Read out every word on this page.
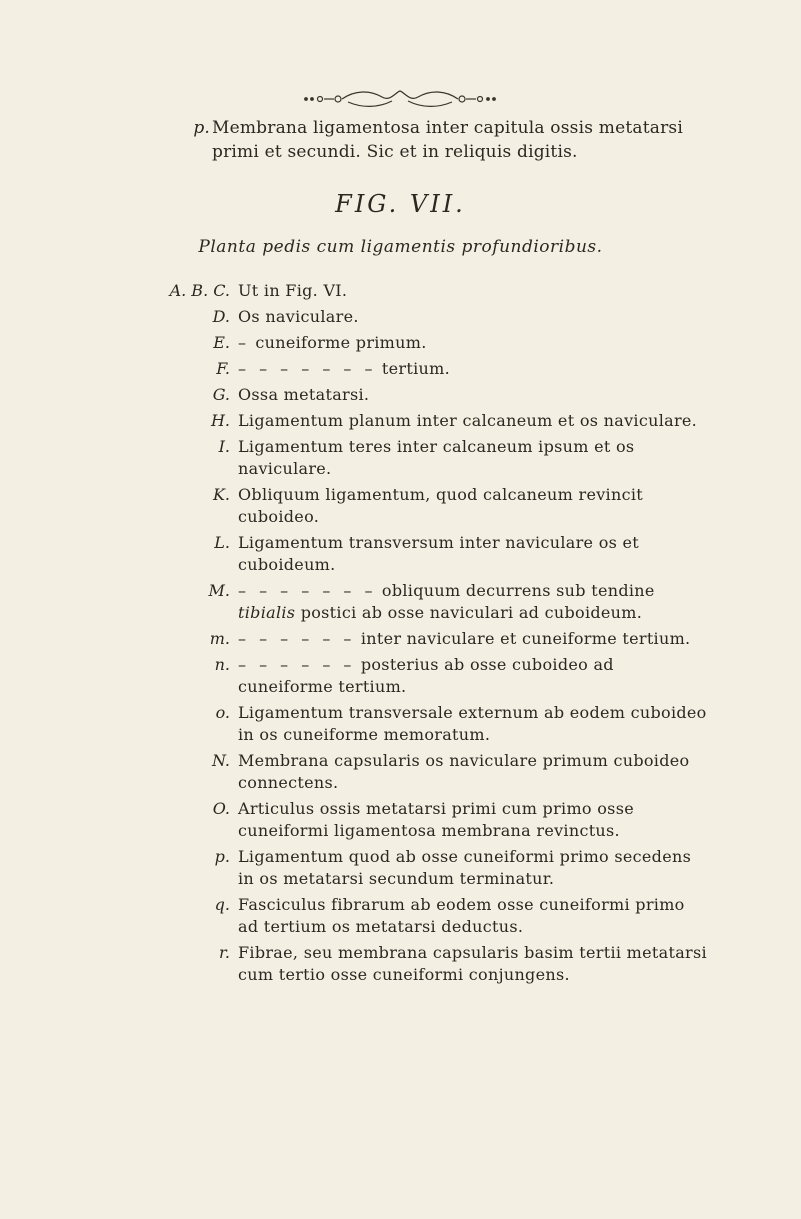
p. Membrana ligamentosa inter capitula ossis metatarsi primi et secundi. Sic et in reliquis digitis.
FIG. VII.
Planta pedis cum ligamentis profundioribus.
A. B. C. Ut in Fig. VI.
D. Os naviculare.
E. – cuneiforme primum.
F. – – – – – – – tertium.
G. Ossa metatarsi.
H. Ligamentum planum inter calcaneum et os naviculare.
I. Ligamentum teres inter calcaneum ipsum et os naviculare.
K. Obliquum ligamentum, quod calcaneum revincit cuboideo.
L. Ligamentum transversum inter naviculare os et cuboideum.
M. – – – – – – – obliquum decurrens sub tendine tibialis postici ab osse naviculari ad cuboideum.
m. – – – – – – inter naviculare et cuneiforme tertium.
n. – – – – – – posterius ab osse cuboideo ad cuneiforme tertium.
o. Ligamentum transversale externum ab eodem cuboideo in os cuneiforme memoratum.
N. Membrana capsularis os naviculare primum cuboideo connectens.
O. Articulus ossis metatarsi primi cum primo osse cuneiformi ligamentosa membrana revinctus.
p. Ligamentum quod ab osse cuneiformi primo secedens in os metatarsi secundum terminatur.
q. Fasciculus fibrarum ab eodem osse cuneiformi primo ad tertium os metatarsi deductus.
r. Fibrae, seu membrana capsularis basim tertii metatarsi cum tertio osse cuneiformi conjungens.
